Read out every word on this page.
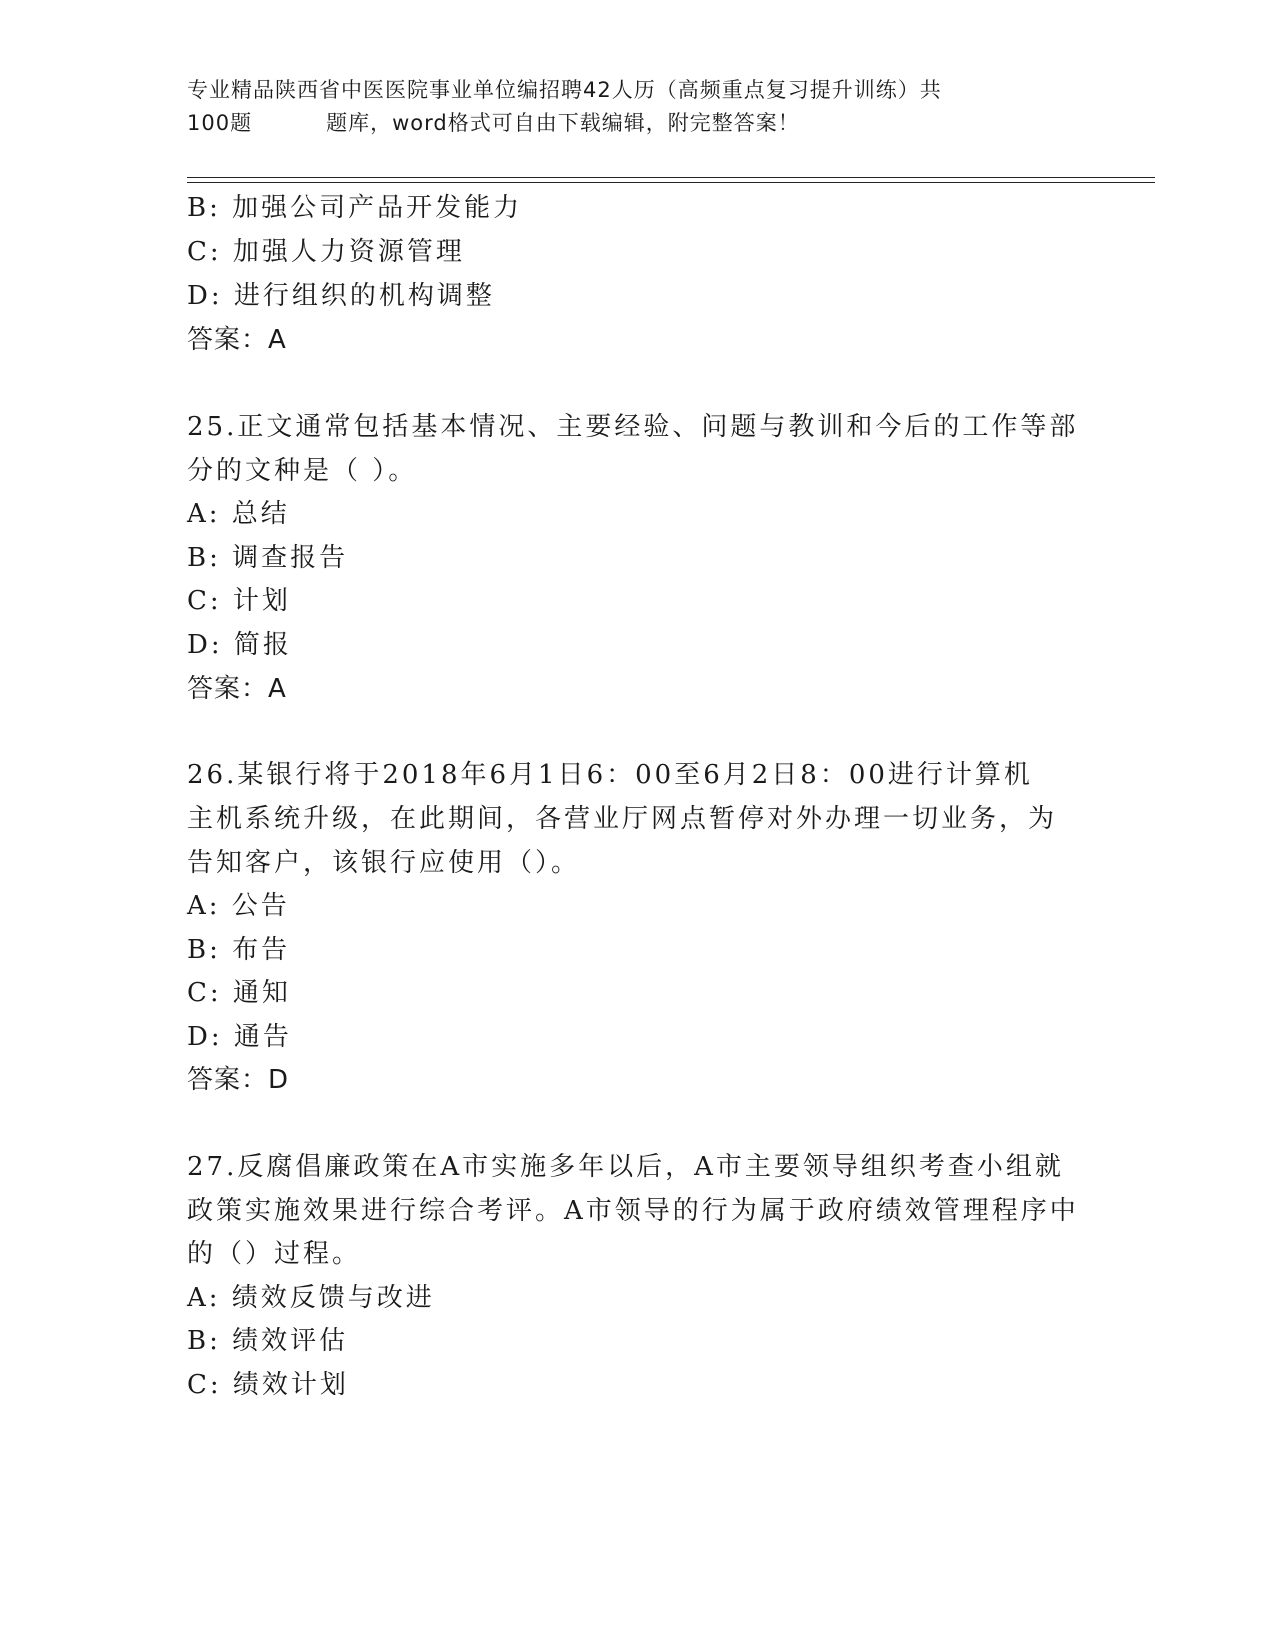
专业精品陕西省中医医院事业单位编招聘42人历（高频重点复习提升训练）共
100题	题库，word格式可自由下载编辑，附完整答案！
B: 加强公司产品开发能力
C: 加强人力资源管理
D: 进行组织的机构调整
答案：A
25.正文通常包括基本情况、主要经验、问题与教训和今后的工作等部
分的文种是（ ）。
A: 总结
B: 调查报告
C: 计划
D: 简报
答案：A
26.某银行将于2018年6月1日6：00至6月2日8：00进行计算机
主机系统升级，在此期间，各营业厅网点暂停对外办理一切业务，为
告知客户，该银行应使用（）。
A: 公告
B: 布告
C: 通知
D: 通告
答案：D
27.反腐倡廉政策在A市实施多年以后，A市主要领导组织考查小组就
政策实施效果进行综合考评。A市领导的行为属于政府绩效管理程序中
的（）过程。
A: 绩效反馈与改进
B: 绩效评估
C: 绩效计划
